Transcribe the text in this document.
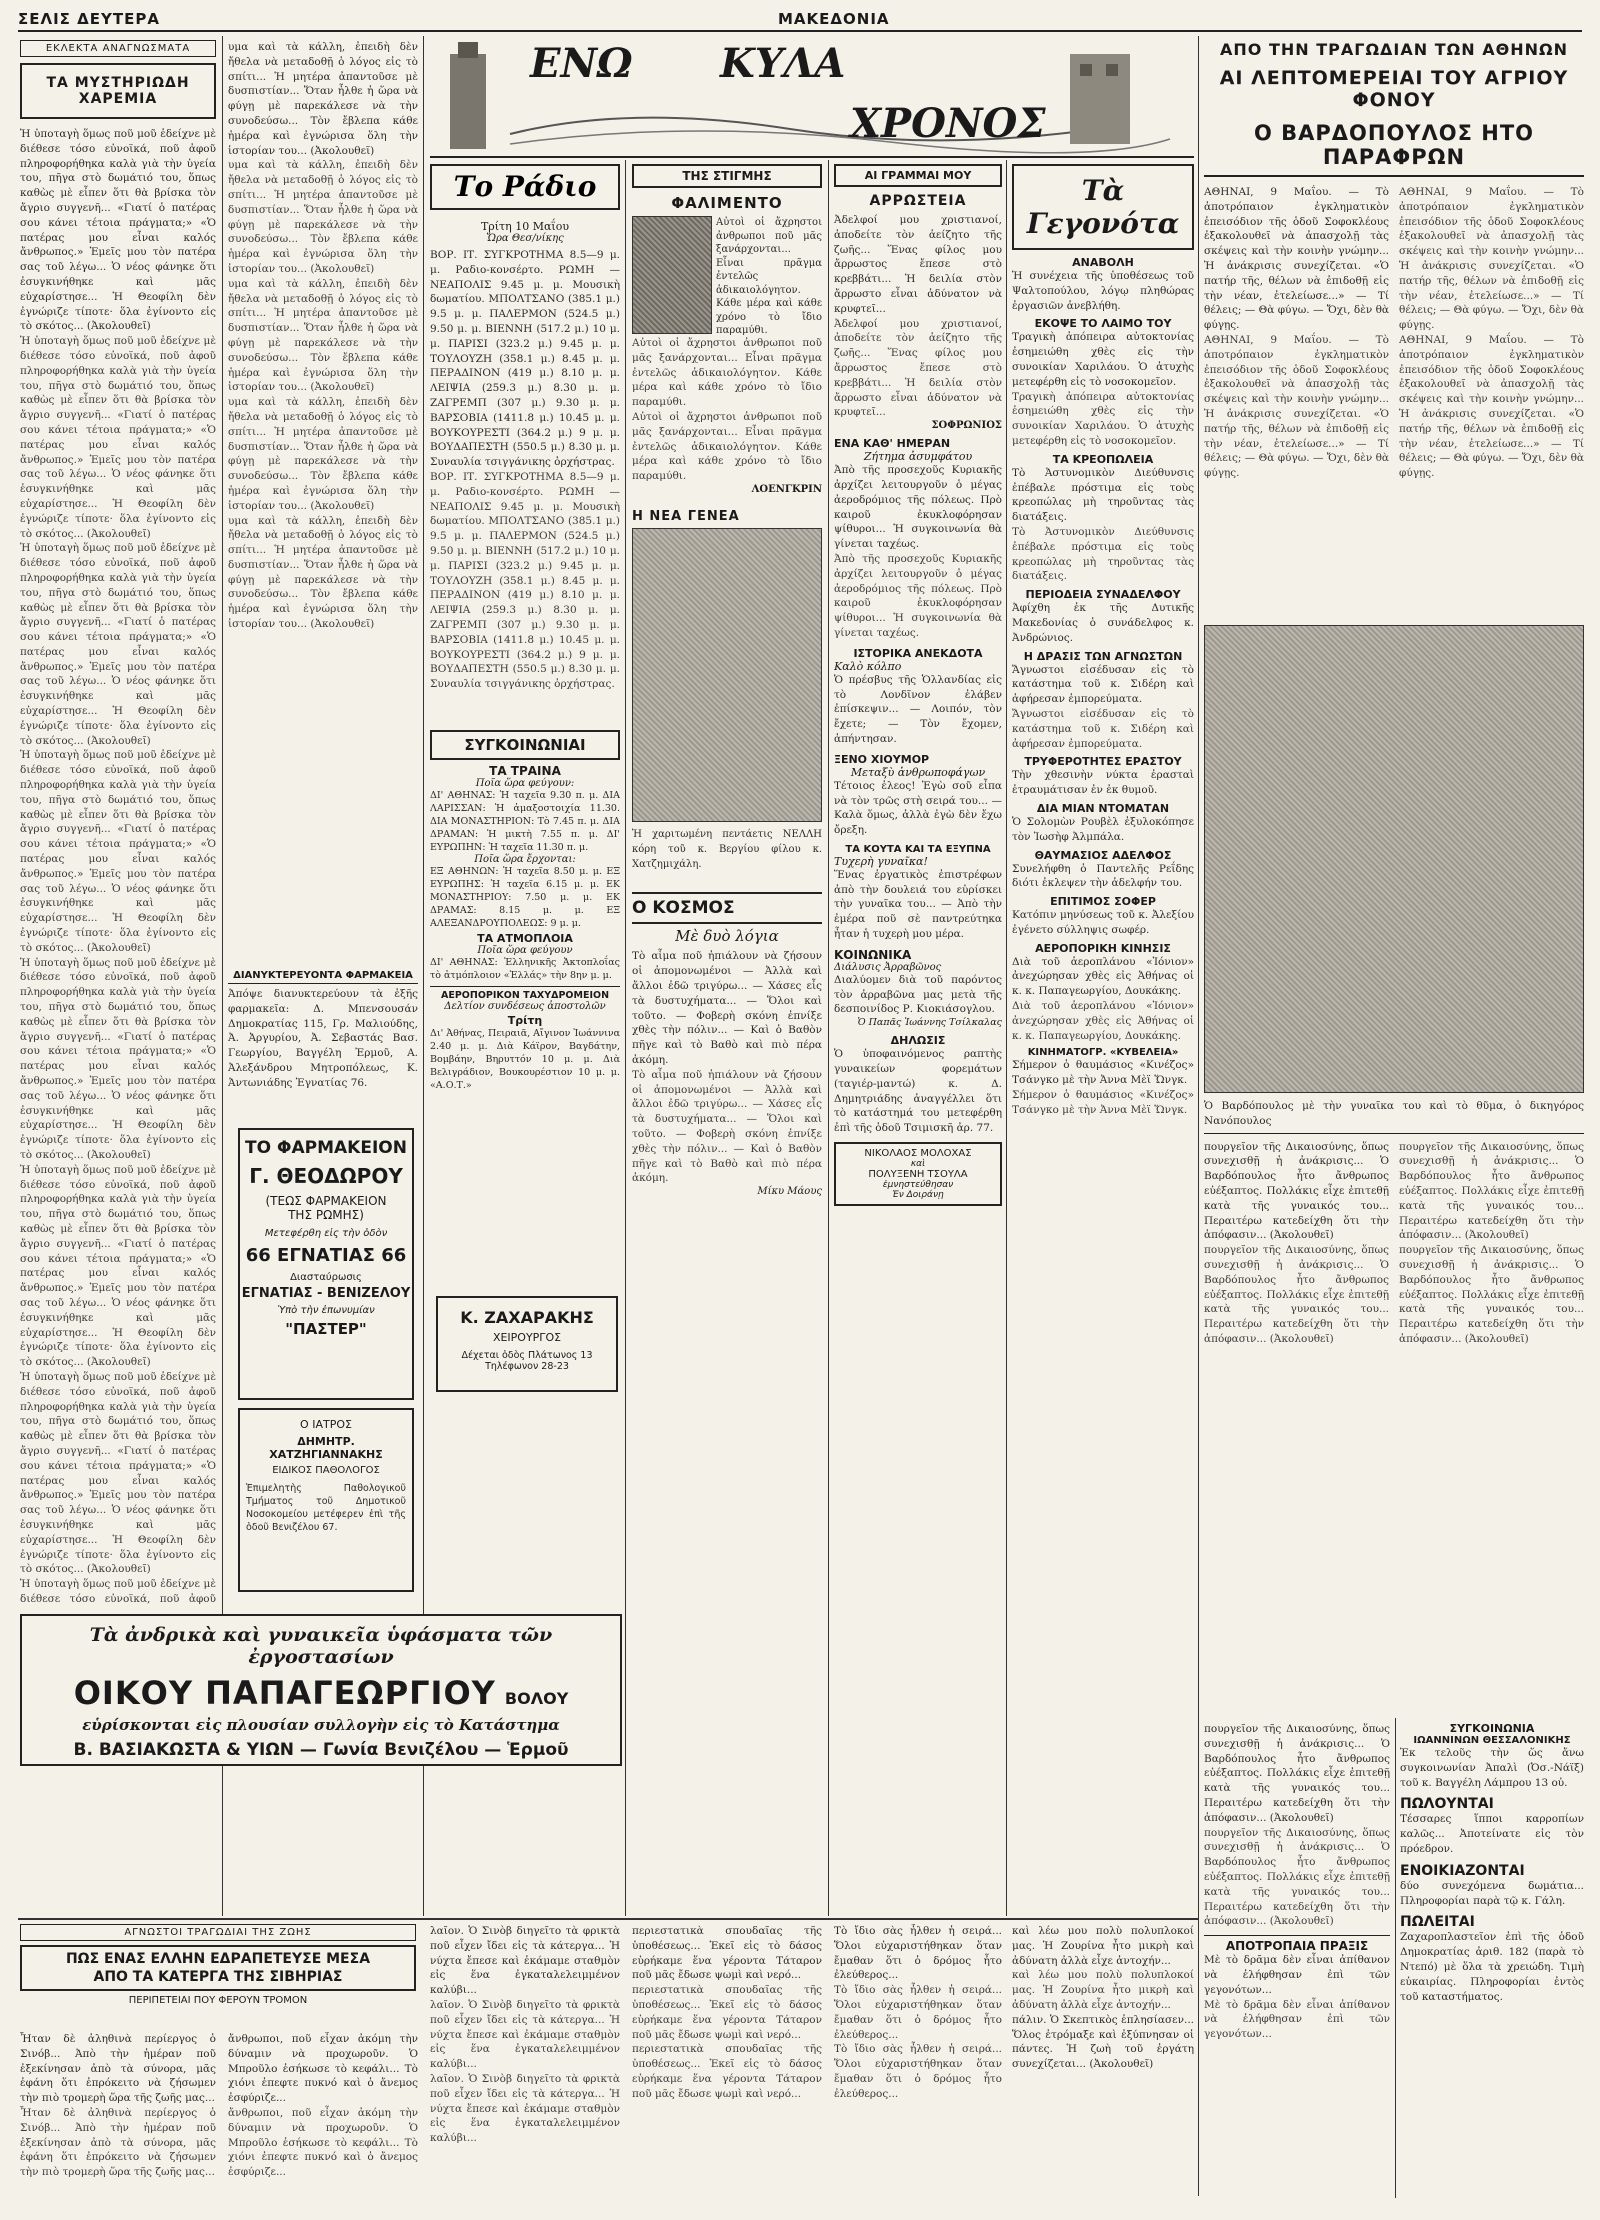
ΣΕΛΙΣ ΔΕΥΤΕΡΑ	ΜΑΚΕΔΟΝΙΑ
ΕΚΛΕΚΤΑ ΑΝΑΓΝΩΣΜΑΤΑ
ΤΑ ΜΥΣΤΗΡΙΩΔΗ ΧΑΡΕΜΙΑ

Ἡ ὑποταγὴ ὅμως ποῦ μοῦ ἐδείχνε μὲ διέθεσε τόσο εὐνοϊκά, ποῦ ἀφοῦ πληροφορήθηκα καλὰ γιὰ τὴν ὑγεία του, πῆγα στὸ δωμάτιό του, ὅπως καθὼς μὲ εἶπεν ὅτι θὰ βρίσκα τὸν ἄγριο συγγενῆ... «Γιατί ὁ πατέρας σου κάνει τέτοια πράγματα;» «Ὁ πατέρας μου εἶναι καλός ἄνθρωπος.» Ἐμεῖς μου τὸν πατέρα σας τοῦ λέγω... Ὁ νέος φάνηκε ὅτι ἐσυγκινήθηκε καὶ μᾶς εὐχαρίστησε... Ἡ Θεοφίλη δὲν ἐγνώριζε τίποτε· ὅλα ἐγίνοντο εἰς τὸ σκότος... (Ἀκολουθεῖ)

Ἡ ὑποταγὴ ὅμως ποῦ μοῦ ἐδείχνε μὲ διέθεσε τόσο εὐνοϊκά, ποῦ ἀφοῦ πληροφορήθηκα καλὰ γιὰ τὴν ὑγεία του, πῆγα στὸ δωμάτιό του, ὅπως καθὼς μὲ εἶπεν ὅτι θὰ βρίσκα τὸν ἄγριο συγγενῆ... «Γιατί ὁ πατέρας σου κάνει τέτοια πράγματα;» «Ὁ πατέρας μου εἶναι καλός ἄνθρωπος.» Ἐμεῖς μου τὸν πατέρα σας τοῦ λέγω... Ὁ νέος φάνηκε ὅτι ἐσυγκινήθηκε καὶ μᾶς εὐχαρίστησε... Ἡ Θεοφίλη δὲν ἐγνώριζε τίποτε· ὅλα ἐγίνοντο εἰς τὸ σκότος... (Ἀκολουθεῖ)

Ἡ ὑποταγὴ ὅμως ποῦ μοῦ ἐδείχνε μὲ διέθεσε τόσο εὐνοϊκά, ποῦ ἀφοῦ πληροφορήθηκα καλὰ γιὰ τὴν ὑγεία του, πῆγα στὸ δωμάτιό του, ὅπως καθὼς μὲ εἶπεν ὅτι θὰ βρίσκα τὸν ἄγριο συγγενῆ... «Γιατί ὁ πατέρας σου κάνει τέτοια πράγματα;» «Ὁ πατέρας μου εἶναι καλός ἄνθρωπος.» Ἐμεῖς μου τὸν πατέρα σας τοῦ λέγω... Ὁ νέος φάνηκε ὅτι ἐσυγκινήθηκε καὶ μᾶς εὐχαρίστησε... Ἡ Θεοφίλη δὲν ἐγνώριζε τίποτε· ὅλα ἐγίνοντο εἰς τὸ σκότος... (Ἀκολουθεῖ)

Ἡ ὑποταγὴ ὅμως ποῦ μοῦ ἐδείχνε μὲ διέθεσε τόσο εὐνοϊκά, ποῦ ἀφοῦ πληροφορήθηκα καλὰ γιὰ τὴν ὑγεία του, πῆγα στὸ δωμάτιό του, ὅπως καθὼς μὲ εἶπεν ὅτι θὰ βρίσκα τὸν ἄγριο συγγενῆ... «Γιατί ὁ πατέρας σου κάνει τέτοια πράγματα;» «Ὁ πατέρας μου εἶναι καλός ἄνθρωπος.» Ἐμεῖς μου τὸν πατέρα σας τοῦ λέγω... Ὁ νέος φάνηκε ὅτι ἐσυγκινήθηκε καὶ μᾶς εὐχαρίστησε... Ἡ Θεοφίλη δὲν ἐγνώριζε τίποτε· ὅλα ἐγίνοντο εἰς τὸ σκότος... (Ἀκολουθεῖ)

Ἡ ὑποταγὴ ὅμως ποῦ μοῦ ἐδείχνε μὲ διέθεσε τόσο εὐνοϊκά, ποῦ ἀφοῦ πληροφορήθηκα καλὰ γιὰ τὴν ὑγεία του, πῆγα στὸ δωμάτιό του, ὅπως καθὼς μὲ εἶπεν ὅτι θὰ βρίσκα τὸν ἄγριο συγγενῆ... «Γιατί ὁ πατέρας σου κάνει τέτοια πράγματα;» «Ὁ πατέρας μου εἶναι καλός ἄνθρωπος.» Ἐμεῖς μου τὸν πατέρα σας τοῦ λέγω... Ὁ νέος φάνηκε ὅτι ἐσυγκινήθηκε καὶ μᾶς εὐχαρίστησε... Ἡ Θεοφίλη δὲν ἐγνώριζε τίποτε· ὅλα ἐγίνοντο εἰς τὸ σκότος... (Ἀκολουθεῖ)

Ἡ ὑποταγὴ ὅμως ποῦ μοῦ ἐδείχνε μὲ διέθεσε τόσο εὐνοϊκά, ποῦ ἀφοῦ πληροφορήθηκα καλὰ γιὰ τὴν ὑγεία του, πῆγα στὸ δωμάτιό του, ὅπως καθὼς μὲ εἶπεν ὅτι θὰ βρίσκα τὸν ἄγριο συγγενῆ... «Γιατί ὁ πατέρας σου κάνει τέτοια πράγματα;» «Ὁ πατέρας μου εἶναι καλός ἄνθρωπος.» Ἐμεῖς μου τὸν πατέρα σας τοῦ λέγω... Ὁ νέος φάνηκε ὅτι ἐσυγκινήθηκε καὶ μᾶς εὐχαρίστησε... Ἡ Θεοφίλη δὲν ἐγνώριζε τίποτε· ὅλα ἐγίνοντο εἰς τὸ σκότος... (Ἀκολουθεῖ)

Ἡ ὑποταγὴ ὅμως ποῦ μοῦ ἐδείχνε μὲ διέθεσε τόσο εὐνοϊκά, ποῦ ἀφοῦ πληροφορήθηκα καλὰ γιὰ τὴν ὑγεία του, πῆγα στὸ δωμάτιό του, ὅπως καθὼς μὲ εἶπεν ὅτι θὰ βρίσκα τὸν ἄγριο συγγενῆ... «Γιατί ὁ πατέρας σου κάνει τέτοια πράγματα;» «Ὁ πατέρας μου εἶναι καλός ἄνθρωπος.» Ἐμεῖς μου τὸν πατέρα σας τοῦ λέγω... Ὁ νέος φάνηκε ὅτι ἐσυγκινήθηκε καὶ μᾶς εὐχαρίστησε... Ἡ Θεοφίλη δὲν ἐγνώριζε τίποτε· ὅλα ἐγίνοντο εἰς τὸ σκότος... (Ἀκολουθεῖ)

Ἡ ὑποταγὴ ὅμως ποῦ μοῦ ἐδείχνε μὲ διέθεσε τόσο εὐνοϊκά, ποῦ ἀφοῦ

υμα καὶ τὰ κάλλη, ἐπειδὴ δὲν ἤθελα νὰ μεταδοθῇ ὁ λόγος εἰς τὸ σπίτι... Ἡ μητέρα ἀπαντοῦσε μὲ δυσπιστίαν... Ὅταν ἦλθε ἡ ὥρα νὰ φύγῃ μὲ παρεκάλεσε νὰ τὴν συνοδεύσω... Τὸν ἔβλεπα κάθε ἡμέρα καὶ ἐγνώρισα ὅλη τὴν ἱστορίαν του... (Ἀκολουθεῖ)

υμα καὶ τὰ κάλλη, ἐπειδὴ δὲν ἤθελα νὰ μεταδοθῇ ὁ λόγος εἰς τὸ σπίτι... Ἡ μητέρα ἀπαντοῦσε μὲ δυσπιστίαν... Ὅταν ἦλθε ἡ ὥρα νὰ φύγῃ μὲ παρεκάλεσε νὰ τὴν συνοδεύσω... Τὸν ἔβλεπα κάθε ἡμέρα καὶ ἐγνώρισα ὅλη τὴν ἱστορίαν του... (Ἀκολουθεῖ)

υμα καὶ τὰ κάλλη, ἐπειδὴ δὲν ἤθελα νὰ μεταδοθῇ ὁ λόγος εἰς τὸ σπίτι... Ἡ μητέρα ἀπαντοῦσε μὲ δυσπιστίαν... Ὅταν ἦλθε ἡ ὥρα νὰ φύγῃ μὲ παρεκάλεσε νὰ τὴν συνοδεύσω... Τὸν ἔβλεπα κάθε ἡμέρα καὶ ἐγνώρισα ὅλη τὴν ἱστορίαν του... (Ἀκολουθεῖ)

υμα καὶ τὰ κάλλη, ἐπειδὴ δὲν ἤθελα νὰ μεταδοθῇ ὁ λόγος εἰς τὸ σπίτι... Ἡ μητέρα ἀπαντοῦσε μὲ δυσπιστίαν... Ὅταν ἦλθε ἡ ὥρα νὰ φύγῃ μὲ παρεκάλεσε νὰ τὴν συνοδεύσω... Τὸν ἔβλεπα κάθε ἡμέρα καὶ ἐγνώρισα ὅλη τὴν ἱστορίαν του... (Ἀκολουθεῖ)

υμα καὶ τὰ κάλλη, ἐπειδὴ δὲν ἤθελα νὰ μεταδοθῇ ὁ λόγος εἰς τὸ σπίτι... Ἡ μητέρα ἀπαντοῦσε μὲ δυσπιστίαν... Ὅταν ἦλθε ἡ ὥρα νὰ φύγῃ μὲ παρεκάλεσε νὰ τὴν συνοδεύσω... Τὸν ἔβλεπα κάθε ἡμέρα καὶ ἐγνώρισα ὅλη τὴν ἱστορίαν του... (Ἀκολουθεῖ)

ΔΙΑΝΥΚΤΕΡΕΥΟΝΤΑ ΦΑΡΜΑΚΕΙΑ

Ἀπόψε διανυκτερεύουν τὰ ἑξῆς φαρμακεῖα: Δ. Μπενσουσάν Δημοκρατίας 115, Γρ. Μαλιούδης, Ἀ. Ἀργυρίου, Ἀ. Σεβαστάς Βασ. Γεωργίου, Βαγγέλη Ἐρμοῦ, Α. Ἀλεξάνδρου Μητροπόλεως, Κ. Ἀντωνιάδης Ἐγνατίας 76.

ΤΟ ΦΑΡΜΑΚΕΙΟΝ
Γ. ΘΕΟΔΩΡΟΥ
(ΤΕΩΣ ΦΑΡΜΑΚΕΙΟΝ
ΤΗΣ ΡΩΜΗΣ)
Μετεφέρθη εἰς τὴν ὁδὸν
66 ΕΓΝΑΤΙΑΣ 66
Διασταύρωσις
ΕΓΝΑΤΙΑΣ - ΒΕΝΙΖΕΛΟΥ
Ὑπὸ τὴν ἐπωνυμίαν
"ΠΑΣΤΕΡ"
Ο ΙΑΤΡΟΣ
ΔΗΜΗΤΡ. ΧΑΤΖΗΓΙΑΝΝΑΚΗΣ
ΕΙΔΙΚΟΣ ΠΑΘΟΛΟΓΟΣ

Ἐπιμελητὴς Παθολογικοῦ Τμήματος τοῦ Δημοτικοῦ Νοσοκομείου μετέφερεν ἐπὶ τῆς ὁδοῦ Βενιζέλου 67.

ΕΝΩ ΚΥΛΑ
ΧΡΟΝΟΣ
Το Ράδιο
Τρίτη 10 Μαΐου
Ὥρα Θεσ/νίκης

ΒΟΡ. ΙΤ. ΣΥΓΚΡΟΤΗΜΑ 8.5—9 μ. μ. Ραδιο-κονσέρτο. ΡΩΜΗ — ΝΕΑΠΟΛΙΣ 9.45 μ. μ. Μουσικὴ δωματίου. ΜΠΟΛΤΣΑΝΟ (385.1 μ.) 9.5 μ. μ. ΠΑΛΕΡΜΟΝ (524.5 μ.) 9.50 μ. μ. ΒΙΕΝΝΗ (517.2 μ.) 10 μ. μ. ΠΑΡΙΣΙ (323.2 μ.) 9.45 μ. μ. ΤΟΥΛΟΥΖΗ (358.1 μ.) 8.45 μ. μ. ΠΕΡΑΔΙΝΟΝ (419 μ.) 8.10 μ. μ. ΛΕΙΨΙΑ (259.3 μ.) 8.30 μ. μ. ΖΑΓΡΕΜΠ (307 μ.) 9.30 μ. μ. ΒΑΡΣΟΒΙΑ (1411.8 μ.) 10.45 μ. μ. ΒΟΥΚΟΥΡΕΣΤΙ (364.2 μ.) 9 μ. μ. ΒΟΥΔΑΠΕΣΤΗ (550.5 μ.) 8.30 μ. μ. Συναυλία τσιγγάνικης ὀρχήστρας.

ΒΟΡ. ΙΤ. ΣΥΓΚΡΟΤΗΜΑ 8.5—9 μ. μ. Ραδιο-κονσέρτο. ΡΩΜΗ — ΝΕΑΠΟΛΙΣ 9.45 μ. μ. Μουσικὴ δωματίου. ΜΠΟΛΤΣΑΝΟ (385.1 μ.) 9.5 μ. μ. ΠΑΛΕΡΜΟΝ (524.5 μ.) 9.50 μ. μ. ΒΙΕΝΝΗ (517.2 μ.) 10 μ. μ. ΠΑΡΙΣΙ (323.2 μ.) 9.45 μ. μ. ΤΟΥΛΟΥΖΗ (358.1 μ.) 8.45 μ. μ. ΠΕΡΑΔΙΝΟΝ (419 μ.) 8.10 μ. μ. ΛΕΙΨΙΑ (259.3 μ.) 8.30 μ. μ. ΖΑΓΡΕΜΠ (307 μ.) 9.30 μ. μ. ΒΑΡΣΟΒΙΑ (1411.8 μ.) 10.45 μ. μ. ΒΟΥΚΟΥΡΕΣΤΙ (364.2 μ.) 9 μ. μ. ΒΟΥΔΑΠΕΣΤΗ (550.5 μ.) 8.30 μ. μ. Συναυλία τσιγγάνικης ὀρχήστρας.

ΣΥΓΚΟΙΝΩΝΙΑΙ
ΤΑ ΤΡΑΙΝΑ
Ποῖα ὥρα φεύγουν:

ΔΙ' ΑΘΗΝΑΣ: Ἡ ταχεῖα 9.30 π. μ. ΔΙΑ ΛΑΡΙΣΣΑΝ: Ἡ ἀμαξοστοιχία 11.30. ΔΙΑ ΜΟΝΑΣΤΗΡΙΟΝ: Τὸ 7.45 π. μ. ΔΙΑ ΔΡΑΜΑΝ: Ἡ μικτὴ 7.55 π. μ. ΔΙ' ΕΥΡΩΠΗΝ: Ἡ ταχεῖα 11.30 π. μ.

Ποῖα ὥρα ἔρχονται:

ΕΞ ΑΘΗΝΩΝ: Ἡ ταχεῖα 8.50 μ. μ. ΕΞ ΕΥΡΩΠΗΣ: Ἡ ταχεῖα 6.15 μ. μ. ΕΚ ΜΟΝΑΣΤΗΡΙΟΥ: 7.50 μ. μ. ΕΚ ΔΡΑΜΑΣ: 8.15 μ. μ. ΕΞ ΑΛΕΞΑΝΔΡΟΥΠΟΛΕΩΣ: 9 μ. μ.

ΤΑ ΑΤΜΟΠΛΟΙΑ
Ποῖα ὥρα φεύγουν

ΔΙ' ΑΘΗΝΑΣ: Ἐλληνικῆς Ἀκτοπλοΐας τὸ ἀτμόπλοιον «Ἑλλάς» τὴν 8ην μ. μ.

ΑΕΡΟΠΟΡΙΚΟΝ ΤΑΧΥΔΡΟΜΕΙΟΝ
Δελτίον συνδέσεως ἀποστολῶν
Τρίτη

Δι' Ἀθήνας, Πειραιᾶ, Αἴγινον Ἰωάννινα 2.40 μ. μ. Διὰ Κάϊρον, Βαγδάτην, Βομβάην, Βηρυττόν 10 μ. μ. Διὰ Βελιγράδιον, Βουκουρέστιον 10 μ. μ. «Α.Ο.Τ.»

Κ. ΖΑΧΑΡΑΚΗΣ
ΧΕΙΡΟΥΡΓΟΣ
Δέχεται ὁδὸς Πλάτωνος 13 Τηλέφωνον 28-23
ΤΗΣ ΣΤΙΓΜΗΣ
ΦΑΛΙΜΕΝΤΟ

Αὐτοὶ οἱ ἄχρηστοι ἀνθρωποι ποῦ μᾶς ξανάρχονται... Εἶναι πρᾶγμα ἐντελῶς ἀδικαιολόγητον. Κάθε μέρα καὶ κάθε χρόνο τὸ ἴδιο παραμύθι.

Αὐτοὶ οἱ ἄχρηστοι ἀνθρωποι ποῦ μᾶς ξανάρχονται... Εἶναι πρᾶγμα ἐντελῶς ἀδικαιολόγητον. Κάθε μέρα καὶ κάθε χρόνο τὸ ἴδιο παραμύθι.

Αὐτοὶ οἱ ἄχρηστοι ἀνθρωποι ποῦ μᾶς ξανάρχονται... Εἶναι πρᾶγμα ἐντελῶς ἀδικαιολόγητον. Κάθε μέρα καὶ κάθε χρόνο τὸ ἴδιο παραμύθι.

ΛΟΕΝΓΚΡΙΝ
Η ΝΕΑ ΓΕΝΕΑ

Ἡ χαριτωμένη πεντάετις ΝΕΛΛΗ κόρη τοῦ κ. Βεργίου φίλου κ. Χατζημιχάλη.

Ο ΚΟΣΜΟΣ
Μὲ δυὸ λόγια

Τὸ αἷμα ποῦ ἠπιάλουν νὰ ζήσουν οἱ ἀπομονωμένοι — Ἀλλὰ καὶ ἄλλοι ἐδῶ τριγύρω... — Χάσες εἶς τὰ δυστυχήματα... — Ὅλοι καὶ τοῦτο. — Φοβερὴ σκόνη ἐπνίξε χθὲς τὴν πόλιν... — Καὶ ὁ Βαθὸν πῆγε καὶ τὸ Βαθὸ καὶ πιὸ πέρα ἀκόμη.

Τὸ αἷμα ποῦ ἠπιάλουν νὰ ζήσουν οἱ ἀπομονωμένοι — Ἀλλὰ καὶ ἄλλοι ἐδῶ τριγύρω... — Χάσες εἶς τὰ δυστυχήματα... — Ὅλοι καὶ τοῦτο. — Φοβερὴ σκόνη ἐπνίξε χθὲς τὴν πόλιν... — Καὶ ὁ Βαθὸν πῆγε καὶ τὸ Βαθὸ καὶ πιὸ πέρα ἀκόμη.

Μίκυ Μάους
ΑΙ ΓΡΑΜΜΑΙ ΜΟΥ
ΑΡΡΩΣΤΕΙΑ

Ἀδελφοί μου χριστιανοί, ἀποδείτε τὸν ἀείζητο τῆς ζωῆς... Ἕνας φίλος μου ἄρρωστος ἔπεσε στὸ κρεββάτι... Ἡ δειλία στὸν ἄρρωστο εἶναι ἀδύνατον νὰ κρυφτεῖ...

Ἀδελφοί μου χριστιανοί, ἀποδείτε τὸν ἀείζητο τῆς ζωῆς... Ἕνας φίλος μου ἄρρωστος ἔπεσε στὸ κρεββάτι... Ἡ δειλία στὸν ἄρρωστο εἶναι ἀδύνατον νὰ κρυφτεῖ...

ΣΟΦΡΩΝΙΟΣ
ΕΝΑ ΚΑΘ' ΗΜΕΡΑΝ
Ζήτημα ἀσυμφάτου

Ἀπὸ τῆς προσεχοῦς Κυριακῆς ἀρχίζει λειτουργοῦν ὁ μέγας ἀεροδρόμιος τῆς πόλεως. Πρὸ καιροῦ ἐκυκλοφόρησαν ψίθυροι... Ἡ συγκοινωνία θὰ γίνεται ταχέως.

Ἀπὸ τῆς προσεχοῦς Κυριακῆς ἀρχίζει λειτουργοῦν ὁ μέγας ἀεροδρόμιος τῆς πόλεως. Πρὸ καιροῦ ἐκυκλοφόρησαν ψίθυροι... Ἡ συγκοινωνία θὰ γίνεται ταχέως.

ΙΣΤΟΡΙΚΑ ΑΝΕΚΔΟΤΑ
Καλὸ κόλπο

Ὁ πρέσβυς τῆς Ὁλλανδίας εἰς τὸ Λονδῖνον ἐλάβεν ἐπίσκεψιν... — Λοιπόν, τὸν ἔχετε; — Τὸν ἔχομεν, ἀπήντησαν.

ΞΕΝΟ ΧΙΟΥΜΟΡ
Μεταξὺ ἀνθρωποφάγων

Τέτοιος ἐλεος! Ἐγὼ σοῦ εἶπα νὰ τὸν τρῶς στὴ σειρά του... — Καλὰ ὅμως, ἀλλὰ ἐγὼ δὲν ἔχω ὄρεξη.

ΤΑ ΚΟΥΤΑ ΚΑΙ ΤΑ ΕΞΥΠΝΑ
Τυχερὴ γυναῖκα!

Ἕνας ἐργατικὸς ἐπιστρέφων ἀπὸ τὴν δουλειά του εὑρίσκει τὴν γυναῖκα του... — Ἀπὸ τὴν ἐμέρα ποῦ σὲ παντρεύτηκα ἦταν ἡ τυχερὴ μου μέρα.

ΚΟΙΝΩΝΙΚΑ
Διάλυσις Ἀρραβῶνος

Διαλύομεν διὰ τοῦ παρόντος τὸν ἀρραβῶνα μας μετὰ τῆς δεσποινίδος Ρ. Κιοκιάσογλου.

Ὁ Παπᾶς Ἰωάννης Τσίλκαλας
ΔΗΛΩΣΙΣ

Ὁ ὑποφαινόμενος ραπτὴς γυναικείων φορεμάτων (ταγιέρ-μαντώ) κ. Δ. Δημητριάδης ἀναγγέλλει ὅτι τὸ κατάστημά του μετεφέρθη ἐπὶ τῆς ὁδοῦ Τσιμισκῆ ἀρ. 77.

ΝΙΚΟΛΑΟΣ ΜΟΛΟΧΑΣ
καὶ
ΠΟΛΥΞΕΝΗ ΤΣΟΥΛΑ
ἐμνηστεύθησαν
Ἐν Δοιράνῃ
Τὰ Γεγονότα
ΑΝΑΒΟΛΗ

Ἡ συνέχεια τῆς ὑποθέσεως τοῦ Ψαλτοπούλου, λόγῳ πληθώρας ἐργασιῶν ἀνεβλήθη.

ΕΚΟΨΕ ΤΟ ΛΑΙΜΟ ΤΟΥ

Τραγικὴ ἀπόπειρα αὐτοκτονίας ἐσημειώθη χθὲς εἰς τὴν συνοικίαν Χαριλάου. Ὁ ἀτυχὴς μετεφέρθη εἰς τὸ νοσοκομεῖον.

Τραγικὴ ἀπόπειρα αὐτοκτονίας ἐσημειώθη χθὲς εἰς τὴν συνοικίαν Χαριλάου. Ὁ ἀτυχὴς μετεφέρθη εἰς τὸ νοσοκομεῖον.

ΤΑ ΚΡΕΟΠΩΛΕΙΑ

Τὸ Ἀστυνομικὸν Διεύθυνσις ἐπέβαλε πρόστιμα εἰς τοὺς κρεοπώλας μὴ τηροῦντας τὰς διατάξεις.

Τὸ Ἀστυνομικὸν Διεύθυνσις ἐπέβαλε πρόστιμα εἰς τοὺς κρεοπώλας μὴ τηροῦντας τὰς διατάξεις.

ΠΕΡΙΟΔΕΙΑ ΣΥΝΑΔΕΛΦΟΥ

Ἀφίχθη ἐκ τῆς Δυτικῆς Μακεδονίας ὁ συνάδελφος κ. Ἀνδρώνιος.

Η ΔΡΑΣΙΣ ΤΩΝ ΑΓΝΩΣΤΩΝ

Ἄγνωστοι εἰσέδυσαν εἰς τὸ κατάστημα τοῦ κ. Σιδέρη καὶ ἀφήρεσαν ἐμπορεύματα.

Ἄγνωστοι εἰσέδυσαν εἰς τὸ κατάστημα τοῦ κ. Σιδέρη καὶ ἀφήρεσαν ἐμπορεύματα.

ΤΡΥΦΕΡΟΤΗΤΕΣ ΕΡΑΣΤΟΥ

Τὴν χθεσινὴν νύκτα ἐρασταὶ ἐτραυμάτισαν ἐν ἐκ θυμοῦ.

ΔΙΑ ΜΙΑΝ ΝΤΟΜΑΤΑΝ

Ὁ Σολομὼν Ρουβὲλ ἐξυλοκόπησε τὸν Ἰωσὴφ Ἀλμπάλα.

ΘΑΥΜΑΣΙΟΣ ΑΔΕΛΦΟΣ

Συνελήφθη ὁ Παντελῆς Ρεΐδης διότι ἐκλεψεν τὴν ἀδελφήν του.

ΕΠΙΤΙΜΟΣ ΣΟΦΕΡ

Κατόπιν μηνύσεως τοῦ κ. Ἀλεξίου ἐγένετο σύλληψις σωφέρ.

ΑΕΡΟΠΟΡΙΚΗ ΚΙΝΗΣΙΣ

Διὰ τοῦ ἀεροπλάνου «Ἰόνιον» ἀνεχώρησαν χθὲς εἰς Ἀθήνας οἱ κ. κ. Παπαγεωργίου, Δουκάκης.

Διὰ τοῦ ἀεροπλάνου «Ἰόνιον» ἀνεχώρησαν χθὲς εἰς Ἀθήνας οἱ κ. κ. Παπαγεωργίου, Δουκάκης.

ΚΙΝΗΜΑΤΟΓΡ. «ΚΥΒΕΛΕΙΑ»

Σήμερον ὁ θαυμάσιος «Κινέζος» Τσάνγκο μὲ τὴν Ἀννα Μὲϊ Ὥνγκ.

Σήμερον ὁ θαυμάσιος «Κινέζος» Τσάνγκο μὲ τὴν Ἀννα Μὲϊ Ὥνγκ.

ΑΠΟ ΤΗΝ ΤΡΑΓΩΔΙΑΝ ΤΩΝ ΑΘΗΝΩΝ
ΑΙ ΛΕΠΤΟΜΕΡΕΙΑΙ ΤΟΥ ΑΓΡΙΟΥ ΦΟΝΟΥ
Ο ΒΑΡΔΟΠΟΥΛΟΣ ΗΤΟ ΠΑΡΑΦΡΩΝ

ΑΘΗΝΑΙ, 9 Μαΐου. — Τὸ ἀποτρόπαιον ἐγκληματικὸν ἐπεισόδιον τῆς ὁδοῦ Σοφοκλέους ἐξακολουθεῖ νὰ ἀπασχολῇ τὰς σκέψεις καὶ τὴν κοινὴν γνώμην... Ἡ ἀνάκρισις συνεχίζεται. «Ὁ πατήρ τῆς, θέλων νὰ ἐπιδοθῇ εἰς τὴν νέαν, ἐτελείωσε...» — Τί θέλεις; — Θὰ φύγω. — Ὄχι, δὲν θὰ φύγῃς.

ΑΘΗΝΑΙ, 9 Μαΐου. — Τὸ ἀποτρόπαιον ἐγκληματικὸν ἐπεισόδιον τῆς ὁδοῦ Σοφοκλέους ἐξακολουθεῖ νὰ ἀπασχολῇ τὰς σκέψεις καὶ τὴν κοινὴν γνώμην... Ἡ ἀνάκρισις συνεχίζεται. «Ὁ πατήρ τῆς, θέλων νὰ ἐπιδοθῇ εἰς τὴν νέαν, ἐτελείωσε...» — Τί θέλεις; — Θὰ φύγω. — Ὄχι, δὲν θὰ φύγῃς.

ΑΘΗΝΑΙ, 9 Μαΐου. — Τὸ ἀποτρόπαιον ἐγκληματικὸν ἐπεισόδιον τῆς ὁδοῦ Σοφοκλέους ἐξακολουθεῖ νὰ ἀπασχολῇ τὰς σκέψεις καὶ τὴν κοινὴν γνώμην... Ἡ ἀνάκρισις συνεχίζεται. «Ὁ πατήρ τῆς, θέλων νὰ ἐπιδοθῇ εἰς τὴν νέαν, ἐτελείωσε...» — Τί θέλεις; — Θὰ φύγω. — Ὄχι, δὲν θὰ φύγῃς.

ΑΘΗΝΑΙ, 9 Μαΐου. — Τὸ ἀποτρόπαιον ἐγκληματικὸν ἐπεισόδιον τῆς ὁδοῦ Σοφοκλέους ἐξακολουθεῖ νὰ ἀπασχολῇ τὰς σκέψεις καὶ τὴν κοινὴν γνώμην... Ἡ ἀνάκρισις συνεχίζεται. «Ὁ πατήρ τῆς, θέλων νὰ ἐπιδοθῇ εἰς τὴν νέαν, ἐτελείωσε...» — Τί θέλεις; — Θὰ φύγω. — Ὄχι, δὲν θὰ φύγῃς.

Ὁ Βαρδόπουλος μὲ τὴν γυναῖκα του καὶ τὸ θῦμα, ὁ δικηγόρος Νανόπουλος

πουργεῖον τῆς Δικαιοσύνης, ὅπως συνεχισθῇ ἡ ἀνάκρισις... Ὁ Βαρδόπουλος ἦτο ἄνθρωπος εὐέξαπτος. Πολλάκις εἶχε ἐπιτεθῇ κατὰ τῆς γυναικός του... Περαιτέρω κατεδείχθη ὅτι τὴν ἀπόφασιν... (Ἀκολουθεῖ)

πουργεῖον τῆς Δικαιοσύνης, ὅπως συνεχισθῇ ἡ ἀνάκρισις... Ὁ Βαρδόπουλος ἦτο ἄνθρωπος εὐέξαπτος. Πολλάκις εἶχε ἐπιτεθῇ κατὰ τῆς γυναικός του... Περαιτέρω κατεδείχθη ὅτι τὴν ἀπόφασιν... (Ἀκολουθεῖ)

πουργεῖον τῆς Δικαιοσύνης, ὅπως συνεχισθῇ ἡ ἀνάκρισις... Ὁ Βαρδόπουλος ἦτο ἄνθρωπος εὐέξαπτος. Πολλάκις εἶχε ἐπιτεθῇ κατὰ τῆς γυναικός του... Περαιτέρω κατεδείχθη ὅτι τὴν ἀπόφασιν... (Ἀκολουθεῖ)

πουργεῖον τῆς Δικαιοσύνης, ὅπως συνεχισθῇ ἡ ἀνάκρισις... Ὁ Βαρδόπουλος ἦτο ἄνθρωπος εὐέξαπτος. Πολλάκις εἶχε ἐπιτεθῇ κατὰ τῆς γυναικός του... Περαιτέρω κατεδείχθη ὅτι τὴν ἀπόφασιν... (Ἀκολουθεῖ)

πουργεῖον τῆς Δικαιοσύνης, ὅπως συνεχισθῇ ἡ ἀνάκρισις... Ὁ Βαρδόπουλος ἦτο ἄνθρωπος εὐέξαπτος. Πολλάκις εἶχε ἐπιτεθῇ κατὰ τῆς γυναικός του... Περαιτέρω κατεδείχθη ὅτι τὴν ἀπόφασιν... (Ἀκολουθεῖ)

πουργεῖον τῆς Δικαιοσύνης, ὅπως συνεχισθῇ ἡ ἀνάκρισις... Ὁ Βαρδόπουλος ἦτο ἄνθρωπος εὐέξαπτος. Πολλάκις εἶχε ἐπιτεθῇ κατὰ τῆς γυναικός του... Περαιτέρω κατεδείχθη ὅτι τὴν ἀπόφασιν... (Ἀκολουθεῖ)

ΑΠΟΤΡΟΠΑΙΑ ΠΡΑΞΙΣ

Μὲ τὸ δρᾶμα δὲν εἶναι ἀπίθανον νὰ ἐλήφθησαν ἐπὶ τῶν γεγονότων...

Μὲ τὸ δρᾶμα δὲν εἶναι ἀπίθανον νὰ ἐλήφθησαν ἐπὶ τῶν γεγονότων...

ΣΥΓΚΟΙΝΩΝΙΑ
ΙΩΑΝΝΙΝΩΝ ΘΕΣΣΑΛΟΝΙΚΗΣ

Ἐκ τελοῦς τὴν ὥς ἄνω συγκοινωνίαν Ἀπαλὶ (Ὀσ.-Νάϊξ) τοῦ κ. Βαγγέλη Λάμπρου 13 οὐ.

ΠΩΛΟΥΝΤΑΙ

Τέσσαρες ἵπποι καρροπίων καλῶς... Ἀποτείνατε εἰς τὸν πρόεδρον.

ΕΝΟΙΚΙΑΖΟΝΤΑΙ

δύο συνεχόμενα δωμάτια... Πληροφορίαι παρὰ τῷ κ. Γάλη.

ΠΩΛΕΙΤΑΙ

Ζαχαροπλαστεῖον ἐπὶ τῆς ὁδοῦ Δημοκρατίας ἀριθ. 182 (παρὰ τὸ Ντεπό) μὲ ὅλα τὰ χρειώδη. Τιμὴ εὐκαιρίας. Πληροφορίαι ἐντὸς τοῦ καταστήματος.

Τὰ ἀνδρικὰ καὶ γυναικεῖα ὑφάσματα τῶν ἐργοστασίων
ΟΙΚΟΥ ΠΑΠΑΓΕΩΡΓΙΟΥ ΒΟΛΟΥ
εὑρίσκονται εἰς πλουσίαν συλλογὴν εἰς τὸ Κατάστημα
Β. ΒΑΣΙΑΚΩΣΤΑ & ΥΙΩΝ — Γωνία Βενιζέλου — Ἑρμοῦ
ΑΓΝΩΣΤΟΙ ΤΡΑΓΩΔΙΑΙ ΤΗΣ ΖΩΗΣ
ΠΩΣ ΕΝΑΣ ΕΛΛΗΝ ΕΔΡΑΠΕΤΕΥΣΕ ΜΕΣΑ
ΑΠΟ ΤΑ ΚΑΤΕΡΓΑ ΤΗΣ ΣΙΒΗΡΙΑΣ
ΠΕΡΙΠΕΤΕΙΑΙ ΠΟΥ ΦΕΡΟΥΝ ΤΡΟΜΟΝ

Ἦταν δὲ ἀληθινὰ περίεργος ὁ Σινόβ... Ἀπὸ τὴν ἡμέραν ποῦ ἐξεκίνησαν ἀπὸ τὰ σύνορα, μᾶς ἐφάνη ὅτι ἐπρόκειτο νὰ ζήσωμεν τὴν πιὸ τρομερὴ ὥρα τῆς ζωῆς μας...

Ἦταν δὲ ἀληθινὰ περίεργος ὁ Σινόβ... Ἀπὸ τὴν ἡμέραν ποῦ ἐξεκίνησαν ἀπὸ τὰ σύνορα, μᾶς ἐφάνη ὅτι ἐπρόκειτο νὰ ζήσωμεν τὴν πιὸ τρομερὴ ὥρα τῆς ζωῆς μας...

ἄνθρωποι, ποῦ εἶχαν ἀκόμη τὴν δύναμιν νὰ προχωροῦν. Ὁ Μπροῦλο ἐσήκωσε τὸ κεφάλι... Τὸ χιόνι ἐπεφτε πυκνό καὶ ὁ ἄνεμος ἐσφύριζε...

ἄνθρωποι, ποῦ εἶχαν ἀκόμη τὴν δύναμιν νὰ προχωροῦν. Ὁ Μπροῦλο ἐσήκωσε τὸ κεφάλι... Τὸ χιόνι ἐπεφτε πυκνό καὶ ὁ ἄνεμος ἐσφύριζε...

λαῖον. Ὁ Σινὸβ διηγεῖτο τὰ φρικτὰ ποῦ εἶχεν ἴδει εἰς τὰ κάτεργα... Ἡ νύχτα ἔπεσε καὶ ἐκάμαμε σταθμὸν εἰς ἕνα ἐγκαταλελειμμένον καλύβι...

λαῖον. Ὁ Σινὸβ διηγεῖτο τὰ φρικτὰ ποῦ εἶχεν ἴδει εἰς τὰ κάτεργα... Ἡ νύχτα ἔπεσε καὶ ἐκάμαμε σταθμὸν εἰς ἕνα ἐγκαταλελειμμένον καλύβι...

λαῖον. Ὁ Σινὸβ διηγεῖτο τὰ φρικτὰ ποῦ εἶχεν ἴδει εἰς τὰ κάτεργα... Ἡ νύχτα ἔπεσε καὶ ἐκάμαμε σταθμὸν εἰς ἕνα ἐγκαταλελειμμένον καλύβι...

περιεστατικὰ σπουδαῖας τῆς ὑποθέσεως... Ἐκεῖ εἰς τὸ δάσος εὑρήκαμε ἕνα γέροντα Τάταρον ποῦ μᾶς ἔδωσε ψωμὶ καὶ νερό...

περιεστατικὰ σπουδαῖας τῆς ὑποθέσεως... Ἐκεῖ εἰς τὸ δάσος εὑρήκαμε ἕνα γέροντα Τάταρον ποῦ μᾶς ἔδωσε ψωμὶ καὶ νερό...

περιεστατικὰ σπουδαῖας τῆς ὑποθέσεως... Ἐκεῖ εἰς τὸ δάσος εὑρήκαμε ἕνα γέροντα Τάταρον ποῦ μᾶς ἔδωσε ψωμὶ καὶ νερό...

Τὸ ἴδιο σὰς ἦλθεν ἡ σειρά... Ὅλοι εὐχαριστήθηκαν ὅταν ἔμαθαν ὅτι ὁ δρόμος ἦτο ἐλεύθερος...

Τὸ ἴδιο σὰς ἦλθεν ἡ σειρά... Ὅλοι εὐχαριστήθηκαν ὅταν ἔμαθαν ὅτι ὁ δρόμος ἦτο ἐλεύθερος...

Τὸ ἴδιο σὰς ἦλθεν ἡ σειρά... Ὅλοι εὐχαριστήθηκαν ὅταν ἔμαθαν ὅτι ὁ δρόμος ἦτο ἐλεύθερος...

καὶ λέω μου πολὺ πολυπλοκοί μας. Ἡ Ζουρίνα ἦτο μικρὴ καὶ ἀδύνατη ἀλλὰ εἶχε ἀντοχήν...

καὶ λέω μου πολὺ πολυπλοκοί μας. Ἡ Ζουρίνα ἦτο μικρὴ καὶ ἀδύνατη ἀλλὰ εἶχε ἀντοχήν...

πάλιν. Ὁ Σκεπτικὸς ἐπλησίασεν... Ὅλος ἐτρόμαξε καὶ ἐξύπνησαν οἱ πάντες. Ἡ ζωὴ τοῦ ἐργάτη συνεχίζεται... (Ἀκολουθεῖ)
